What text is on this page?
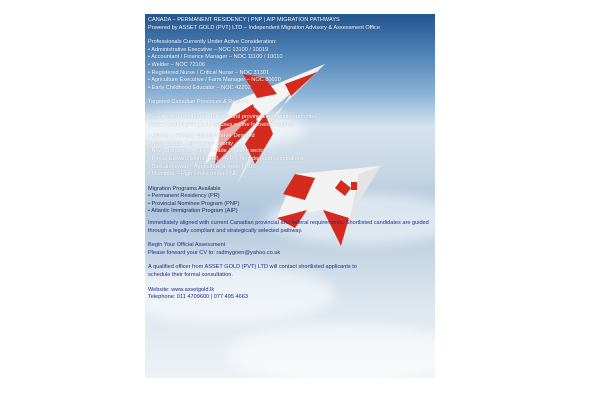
CANADA – PERMANENT RESIDENCY | PNP | AIP MIGRATION PATHWAYS
Powered by ASSET GOLD (PVT) LTD – Independent Migration Advisory & Assessment Office
Professionals Currently Under Active Consideration:
• Administrative Executive – NOC 13100 / 10019
• Accountant / Finance Manager – NOC 11100 / 10010
• Welder – NOC 72106
• Registered Nurse / Critical Nurse – NOC 31301
• Agriculture Executive / Farm Manager – NOC 80020
• Early Childhood Educator – NOC 42202
Targeted Canadian Provinces & Regions
Based on current labour demand and provincial nomination priorities,
ASSET GOLD (PVT) LTD focuses on the following regions:
• Alberta – Primary Skilled Worker Demand
• Nova Scotia – AIP & PNP priority
• New Brunswick – Skilled trade & health sector
• Prince Edward Island (PEI) – AIP + high demand occupations
• Saskatchewan – Agriculture & trade focus
• Manitoba – High intake under PNP
Migration Programs Available
• Permanent Residency (PR)
• Provincial Nominee Program (PNP)
• Atlantic Immigration Program (AIP)
Immediately aligned with current Canadian provincial and federal requirements. Shortlisted candidates are guided through a legally compliant and strategically selected pathway.
Begin Your Official Assessment
Please forward your CV to: radmygoen@yahoo.co.uk
A qualified officer from ASSET GOLD (PVT) LTD will contact shortlisted applicants to
schedule their formal consultation.
Website: www.assetgold.lk
Telephone: 011 4709600 | 077 495 4663
